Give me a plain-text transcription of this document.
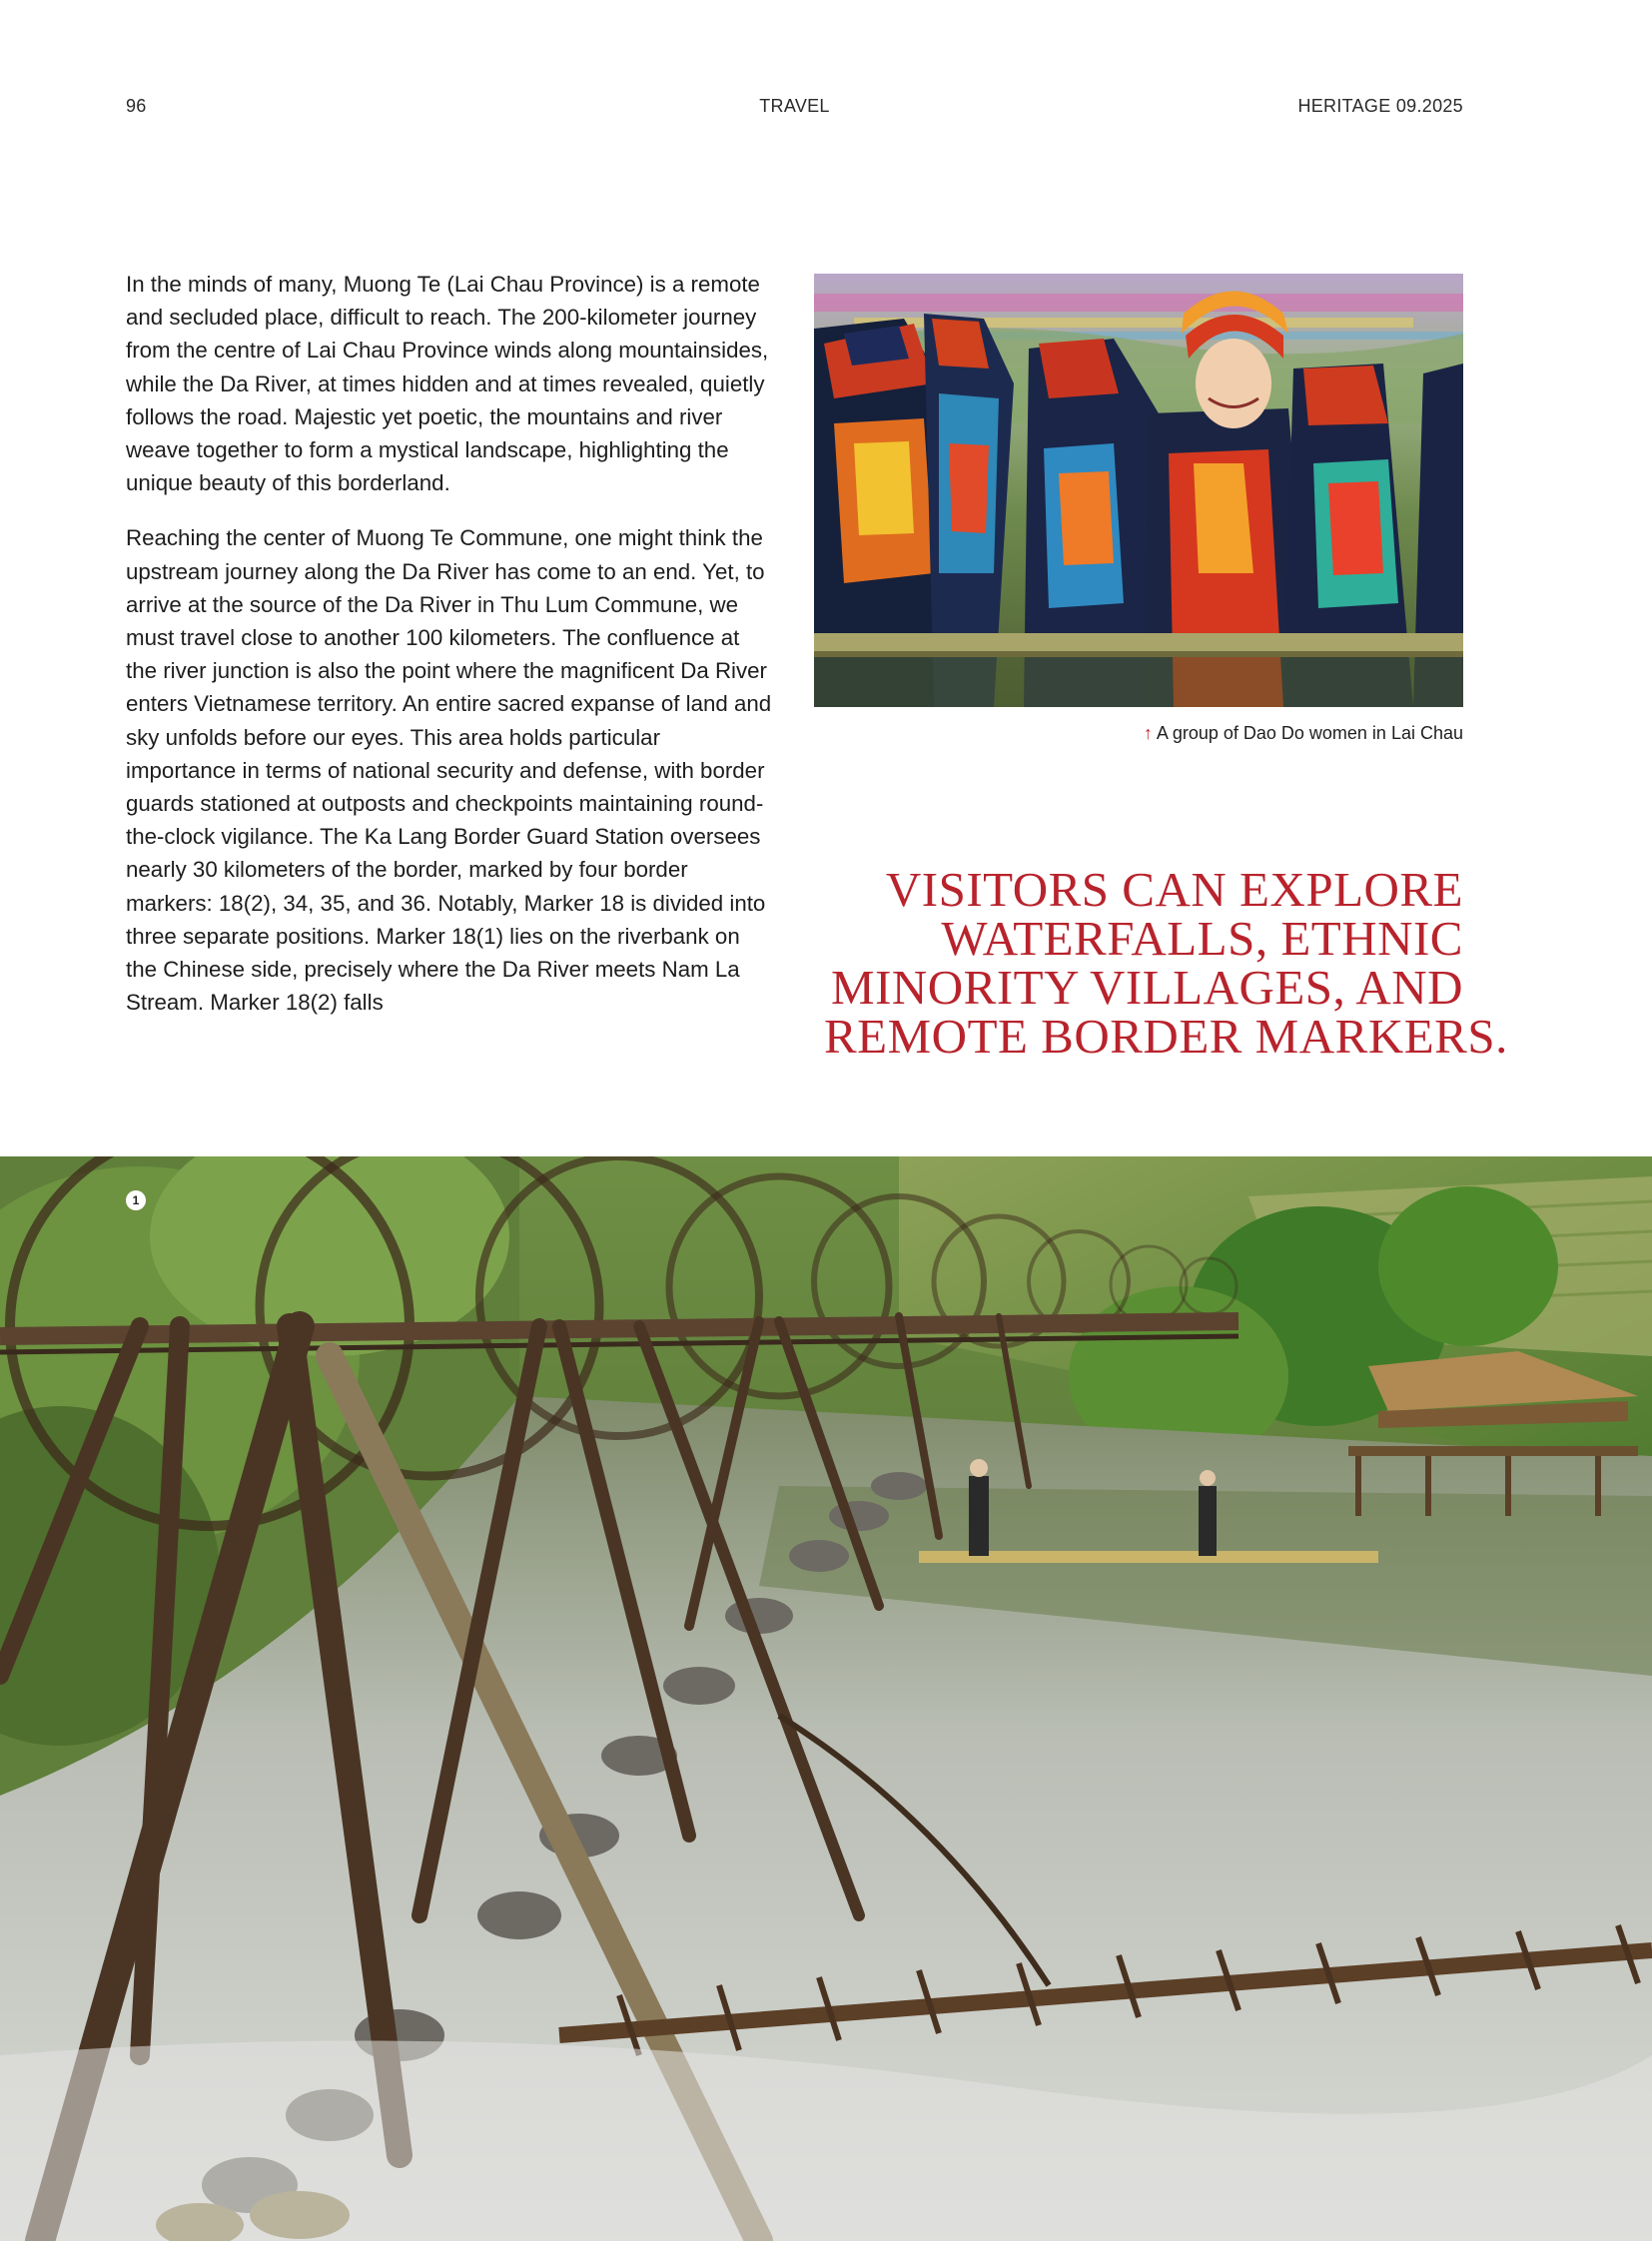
96	TRAVEL	HERITAGE 09.2025

In the minds of many, Muong Te (Lai Chau Province) is a remote and secluded place, difficult to reach. The 200-kilometer journey from the centre of Lai Chau Province winds along mountainsides, while the Da River, at times hidden and at times revealed, quietly follows the road. Majestic yet poetic, the mountains and river weave together to form a mystical landscape, highlighting the unique beauty of this borderland.

Reaching the center of Muong Te Commune, one might think the upstream journey along the Da River has come to an end. Yet, to arrive at the source of the Da River in Thu Lum Commune, we must travel close to another 100 kilometers. The confluence at the river junction is also the point where the magnificent Da River enters Vietnamese territory. An entire sacred expanse of land and sky unfolds before our eyes. This area holds particular importance in terms of national security and defense, with border guards stationed at outposts and checkpoints maintaining round-the-clock vigilance. The Ka Lang Border Guard Station oversees nearly 30 kilometers of the border, marked by four border markers: 18(2), 34, 35, and 36. Notably, Marker 18 is divided into three separate positions. Marker 18(1) lies on the riverbank on the Chinese side, precisely where the Da River meets Nam La Stream. Marker 18(2) falls

↑ A group of Dao Do women in Lai Chau
VISITORS CAN EXPLORE
WATERFALLS, ETHNIC
MINORITY VILLAGES, AND
REMOTE BORDER MARKERS.
1
